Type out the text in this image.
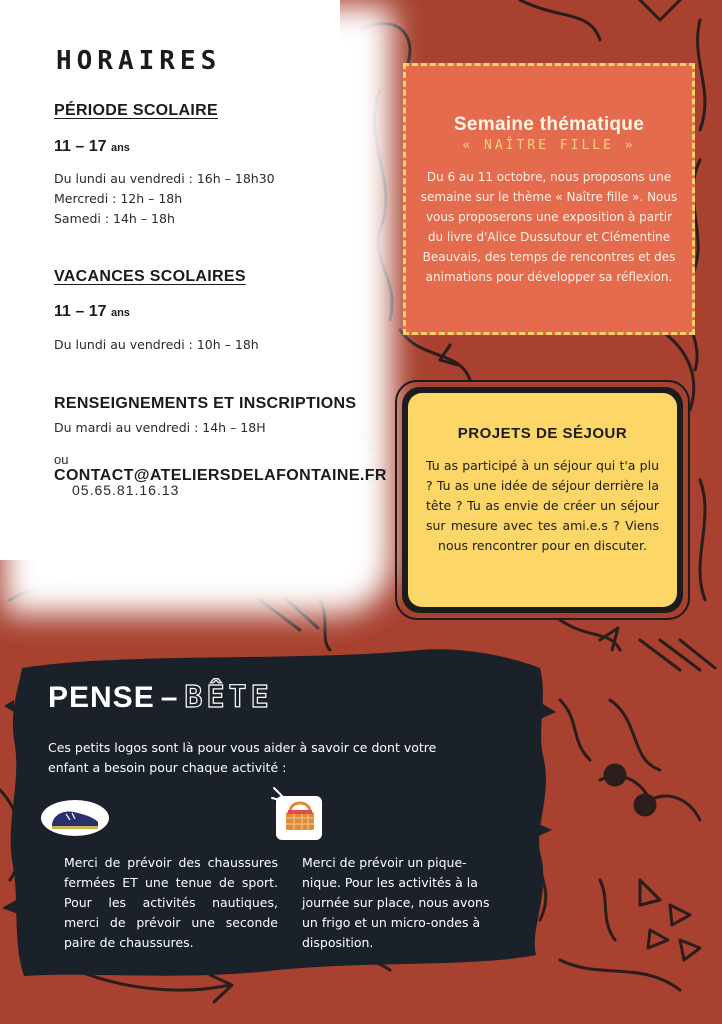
HORAIRES
PÉRIODE SCOLAIRE

11 – 17 ans

Du lundi au vendredi : 16h – 18h30

Mercredi : 12h – 18h

Samedi : 14h – 18h

VACANCES SCOLAIRES

11 – 17 ans

Du lundi au vendredi : 10h – 18h

RENSEIGNEMENTS ET INSCRIPTIONS

Du mardi au vendredi : 14h – 18H

ou CONTACT@ATELIERSDELAFONTAINE.FR

05.65.81.16.13

Semaine thématique

« NAÎTRE FILLE »

Du 6 au 11 octobre, nous proposons une semaine sur le thème « Naître fille ». Nous vous proposerons une exposition à partir du livre d'Alice Dussutour et Clémentine Beauvais, des temps de rencontres et des animations pour développer sa réflexion.

PROJETS DE SÉJOUR

Tu as participé à un séjour qui t'a plu ? Tu as une idée de séjour derrière la tête ? Tu as envie de créer un séjour sur mesure avec tes ami.e.s ? Viens nous rencontrer pour en discuter.

PENSE – BÊTE

Ces petits logos sont là pour vous aider à savoir ce dont votre enfant a besoin pour chaque activité :

Merci de prévoir des chaussures fermées ET une tenue de sport. Pour les activités nautiques, merci de prévoir une seconde paire de chaussures.

Merci de prévoir un pique-nique. Pour les activités à la journée sur place, nous avons un frigo et un micro-ondes à disposition.
